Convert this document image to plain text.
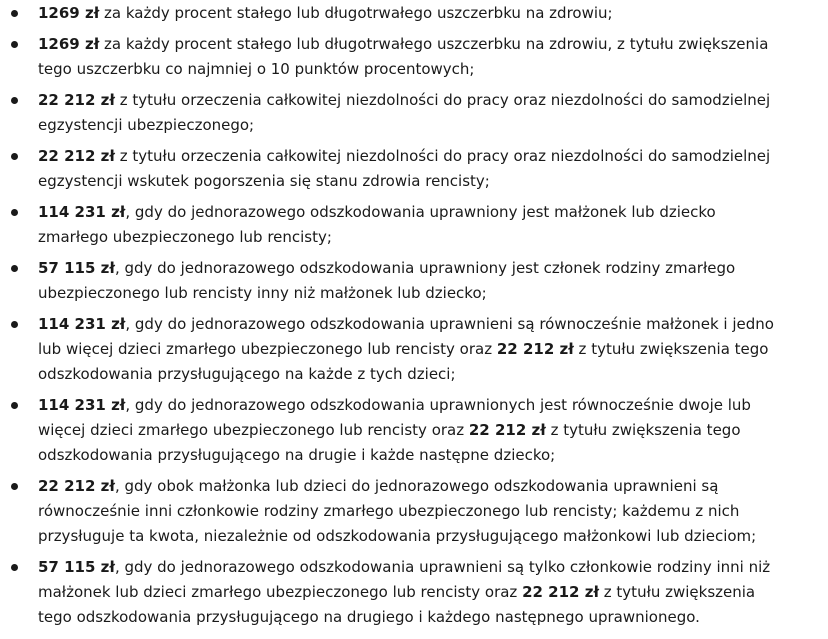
1269 zł za każdy procent stałego lub długotrwałego uszczerbku na zdrowiu;
1269 zł za każdy procent stałego lub długotrwałego uszczerbku na zdrowiu, z tytułu zwiększenia tego uszczerbku co najmniej o 10 punktów procentowych;
22 212 zł z tytułu orzeczenia całkowitej niezdolności do pracy oraz niezdolności do samodzielnej egzystencji ubezpieczonego;
22 212 zł z tytułu orzeczenia całkowitej niezdolności do pracy oraz niezdolności do samodzielnej egzystencji wskutek pogorszenia się stanu zdrowia rencisty;
114 231 zł, gdy do jednorazowego odszkodowania uprawniony jest małżonek lub dziecko zmarłego ubezpieczonego lub rencisty;
57 115 zł, gdy do jednorazowego odszkodowania uprawniony jest członek rodziny zmarłego ubezpieczonego lub rencisty inny niż małżonek lub dziecko;
114 231 zł, gdy do jednorazowego odszkodowania uprawnieni są równocześnie małżonek i jedno lub więcej dzieci zmarłego ubezpieczonego lub rencisty oraz 22 212 zł z tytułu zwiększenia tego odszkodowania przysługującego na każde z tych dzieci;
114 231 zł, gdy do jednorazowego odszkodowania uprawnionych jest równocześnie dwoje lub więcej dzieci zmarłego ubezpieczonego lub rencisty oraz 22 212 zł z tytułu zwiększenia tego odszkodowania przysługującego na drugie i każde następne dziecko;
22 212 zł, gdy obok małżonka lub dzieci do jednorazowego odszkodowania uprawnieni są równocześnie inni członkowie rodziny zmarłego ubezpieczonego lub rencisty; każdemu z nich przysługuje ta kwota, niezależnie od odszkodowania przysługującego małżonkowi lub dzieciom;
57 115 zł, gdy do jednorazowego odszkodowania uprawnieni są tylko członkowie rodziny inni niż małżonek lub dzieci zmarłego ubezpieczonego lub rencisty oraz 22 212 zł z tytułu zwiększenia tego odszkodowania przysługującego na drugiego i każdego następnego uprawnionego.
